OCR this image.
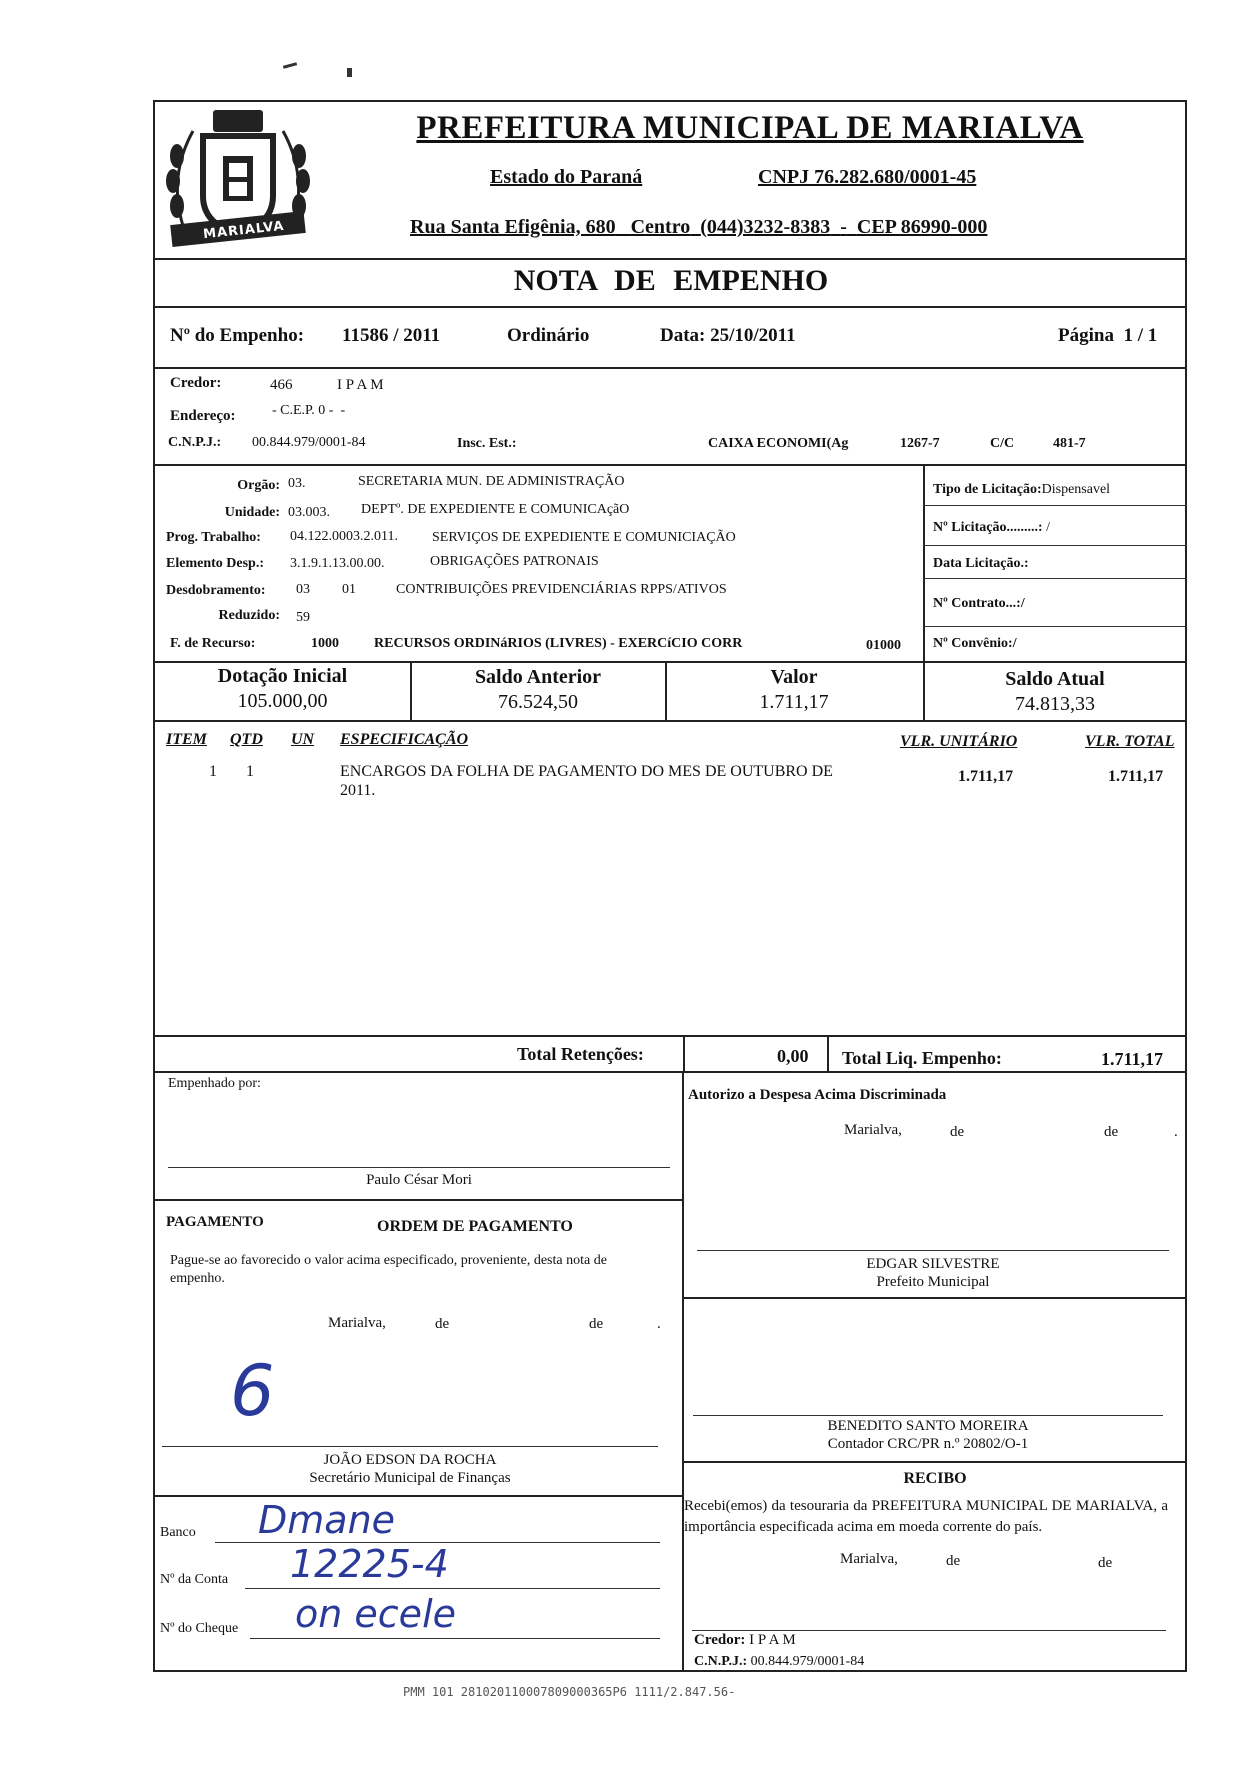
MARIALVA
PREFEITURA MUNICIPAL DE MARIALVA
Estado do Paraná	CNPJ 76.282.680/0001-45
Rua Santa Efigênia, 680 Centro (044)3232-8383 - CEP 86990-000
NOTA DE EMPENHO
Nº do Empenho: 11586 / 2011	Ordinário	Data: 25/10/2011	Página  1 / 1
Credor:	466	I P A M
Endereço:	- C.E.P. 0 -  -
C.N.P.J.: 00.844.979/0001-84	Insc. Est.:	CAIXA ECONOMI(Ag	1267-7	C/C	481-7
Orgão: 03.	SECRETARIA MUN. DE ADMINISTRAÇÃO
Unidade: 03.003. DEPTº. DE EXPEDIENTE E COMUNICAçãO
Prog. Trabalho: 04.122.0003.2.011. SERVIÇOS DE EXPEDIENTE E COMUNICIAÇÃO
Elemento Desp.: 3.1.9.1.13.00.00.	OBRIGAÇÕES PATRONAIS
Desdobramento: 03 01	CONTRIBUIÇÕES PREVIDENCIÁRIAS RPPS/ATIVOS
Reduzido: 59
F. de Recurso:	1000	RECURSOS ORDINáRIOS (LIVRES) - EXERCíCIO CORR	01000
Tipo de Licitação:Dispensavel
Nº Licitação.........: /
Data Licitação.:
Nº Contrato...:/
Nº Convênio:/
Dotação Inicial
105.000,00
Saldo Anterior
76.524,50
Valor
1.711,17
Saldo Atual
74.813,33
ITEM QTD UN ESPECIFICAÇÃO	VLR. UNITÁRIO	VLR. TOTAL
1 1	ENCARGOS DA FOLHA DE PAGAMENTO DO MES DE OUTUBRO DE
2011.
1.711,17	1.711,17
Total Retenções:	0,00 Total Liq. Empenho:	1.711,17
Empenhado por:
Paulo César Mori
Autorizo a Despesa Acima Discriminada
Marialva,	de	de	.
EDGAR SILVESTRE
Prefeito Municipal
BENEDITO SANTO MOREIRA
Contador CRC/PR n.º 20802/O-1
PAGAMENTO	ORDEM DE PAGAMENTO
Pague-se ao favorecido o valor acima especificado, proveniente, desta nota de empenho.
Marialva,	de	de	.
6
JOÃO EDSON DA ROCHA
Secretário Municipal de Finanças
Banco Dmane
Nº da Conta 12225-4
Nº do Cheque on ecele
RECIBO
Recebi(emos) da tesouraria da PREFEITURA MUNICIPAL DE MARIALVA, a importância especificada acima em moeda corrente do país.
Marialva,	de	de
Credor: I P A M
C.N.P.J.: 00.844.979/0001-84
PMM 101 281020110007809000365P6 1111/2.847.56-
